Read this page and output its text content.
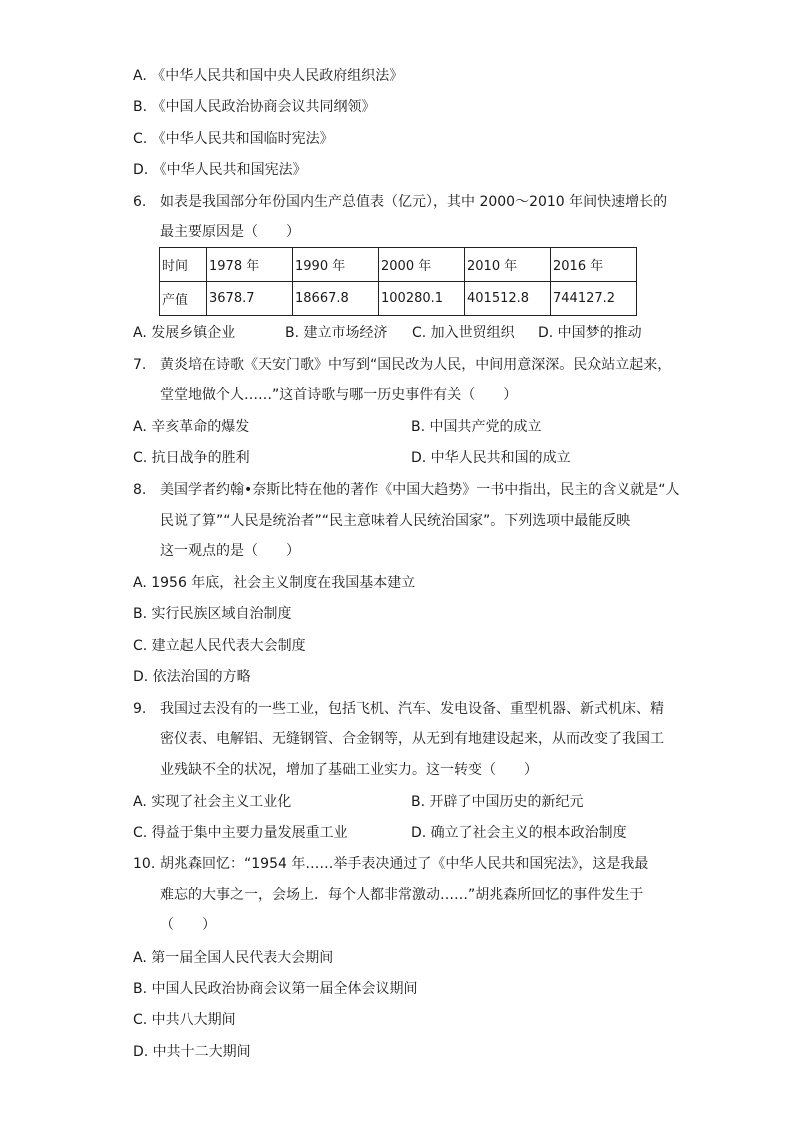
A. 《中华人民共和国中央人民政府组织法》
B. 《中国人民政治协商会议共同纲领》
C. 《中华人民共和国临时宪法》
D. 《中华人民共和国宪法》
6. 如表是我国部分年份国内生产总值表（亿元），其中 2000～2010 年间快速增长的
最主要原因是（　　）
时间	1978 年	1990 年	2000 年	2010 年	2016 年
产值	3678.7	18667.8	100280.1	401512.8	744127.2
A. 发展乡镇企业	B. 建立市场经济 C. 加入世贸组织 D. 中国梦的推动
7. 黄炎培在诗歌《天安门歌》中写到“国民改为人民，中间用意深深。民众站立起来，
堂堂地做个人……”这首诗歌与哪一历史事件有关（　　）
A. 辛亥革命的爆发	B. 中国共产党的成立
C. 抗日战争的胜利	D. 中华人民共和国的成立
8. 美国学者约翰•奈斯比特在他的著作《中国大趋势》一书中指出，民主的含义就是“人
民说了算”“人民是统治者”“民主意味着人民统治国家”。下列选项中最能反映
这一观点的是（　　）
A. 1956 年底，社会主义制度在我国基本建立
B. 实行民族区域自治制度
C. 建立起人民代表大会制度
D. 依法治国的方略
9. 我国过去没有的一些工业，包括飞机、汽车、发电设备、重型机器、新式机床、精
密仪表、电解铝、无缝钢管、合金钢等，从无到有地建设起来，从而改变了我国工
业残缺不全的状况，增加了基础工业实力。这一转变（　　）
A. 实现了社会主义工业化	B. 开辟了中国历史的新纪元
C. 得益于集中主要力量发展重工业	D. 确立了社会主义的根本政治制度
10. 胡兆森回忆：“1954 年……举手表决通过了《中华人民共和国宪法》，这是我最
难忘的大事之一，会场上．每个人都非常激动……”胡兆森所回忆的事件发生于
（　　）
A. 第一届全国人民代表大会期间
B. 中国人民政治协商会议第一届全体会议期间
C. 中共八大期间
D. 中共十二大期间
